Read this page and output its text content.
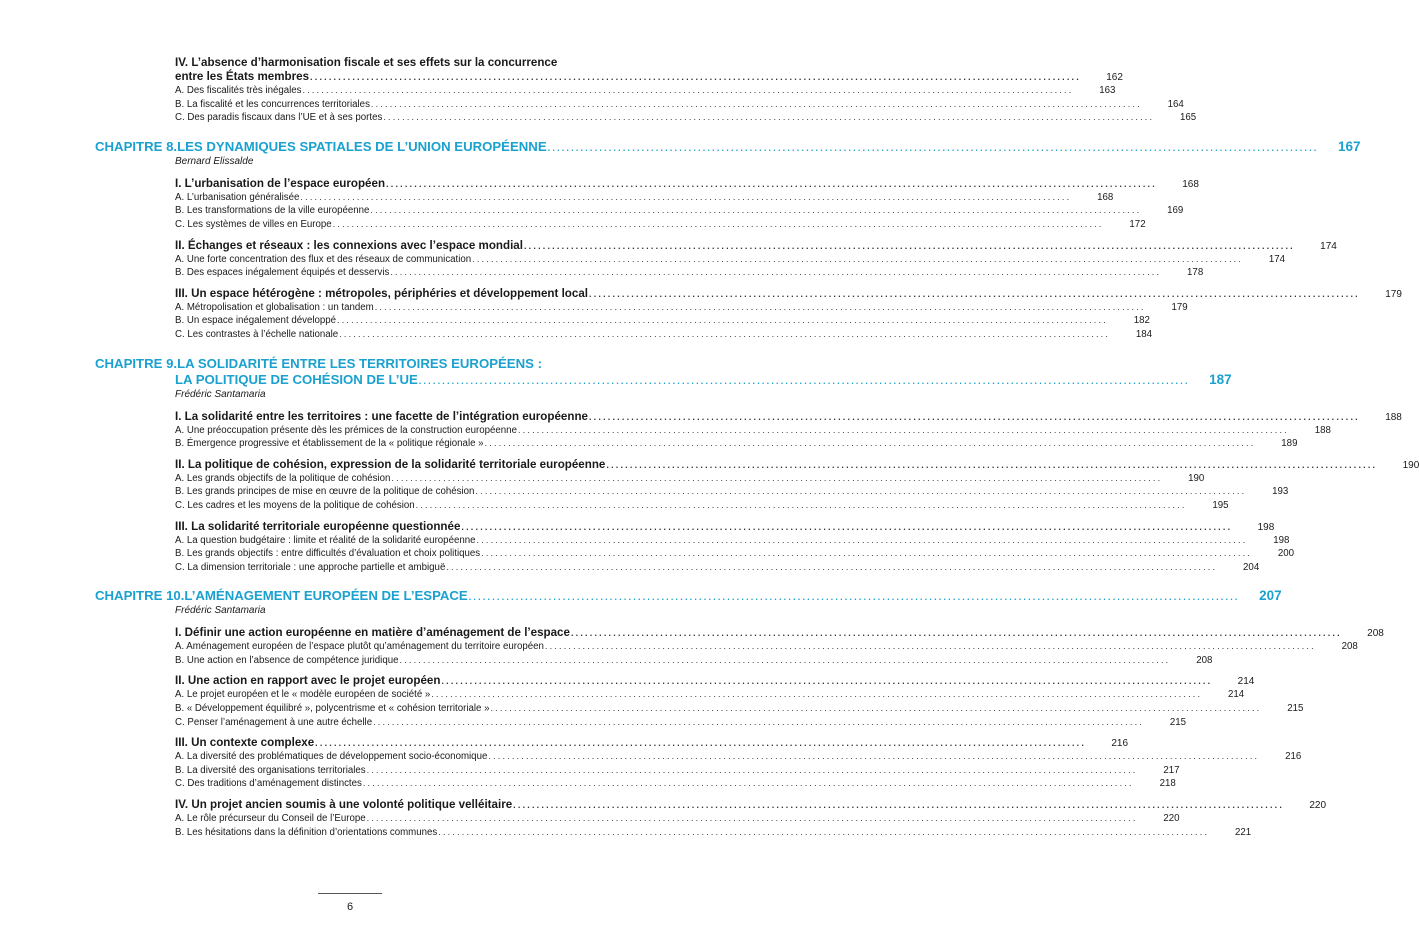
IV. L’absence d’harmonisation fiscale et ses effets sur la concurrence
entre les États membres .....	162
A. Des fiscalités très inégales .....	163
B. La fiscalité et les concurrences territoriales .....	164
C. Des paradis fiscaux dans l’UE et à ses portes .....	165
CHAPITRE 8. LES DYNAMIQUES SPATIALES DE L’UNION EUROPÉENNE .....	167
Bernard Elissalde
I. L’urbanisation de l’espace européen .....	168
A. L’urbanisation généralisée .....	168
B. Les transformations de la ville européenne .....	169
C. Les systèmes de villes en Europe .....	172
II. Échanges et réseaux : les connexions avec l’espace mondial .....	174
A. Une forte concentration des flux et des réseaux de communication .....	174
B. Des espaces inégalement équipés et desservis .....	178
III. Un espace hétérogène : métropoles, périphéries et développement local .....	179
A. Métropolisation et globalisation : un tandem .....	179
B. Un espace inégalement développé .....	182
C. Les contrastes à l’échelle nationale .....	184
CHAPITRE 9. LA SOLIDARITÉ ENTRE LES TERRITOIRES EUROPÉENS :
LA POLITIQUE DE COHÉSION DE L’UE .....	187
Frédéric Santamaria
I. La solidarité entre les territoires : une facette de l’intégration européenne .....	188
A. Une préoccupation présente dès les prémices de la construction européenne .....	188
B. Émergence progressive et établissement de la « politique régionale » .....	189
II. La politique de cohésion, expression de la solidarité territoriale européenne .....	190
A. Les grands objectifs de la politique de cohésion .....	190
B. Les grands principes de mise en œuvre de la politique de cohésion .....	193
C. Les cadres et les moyens de la politique de cohésion .....	195
III. La solidarité territoriale européenne questionnée .....	198
A. La question budgétaire : limite et réalité de la solidarité européenne .....	198
B. Les grands objectifs : entre difficultés d’évaluation et choix politiques .....	200
C. La dimension territoriale : une approche partielle et ambiguë .....	204
CHAPITRE 10. L’AMÉNAGEMENT EUROPÉEN DE L’ESPACE .....	207
Frédéric Santamaria
I. Définir une action européenne en matière d’aménagement de l’espace .....	208
A. Aménagement européen de l’espace plutôt qu’aménagement du territoire européen .....	208
B. Une action en l’absence de compétence juridique .....	208
II. Une action en rapport avec le projet européen .....	214
A. Le projet européen et le « modèle européen de société » .....	214
B. « Développement équilibré », polycentrisme et « cohésion territoriale » .....	215
C. Penser l’aménagement à une autre échelle .....	215
III. Un contexte complexe .....	216
A. La diversité des problématiques de développement socio-économique .....	216
B. La diversité des organisations territoriales .....	217
C. Des traditions d’aménagement distinctes .....	218
IV. Un projet ancien soumis à une volonté politique velléitaire .....	220
A. Le rôle précurseur du Conseil de l’Europe .....	220
B. Les hésitations dans la définition d’orientations communes .....	221
6
